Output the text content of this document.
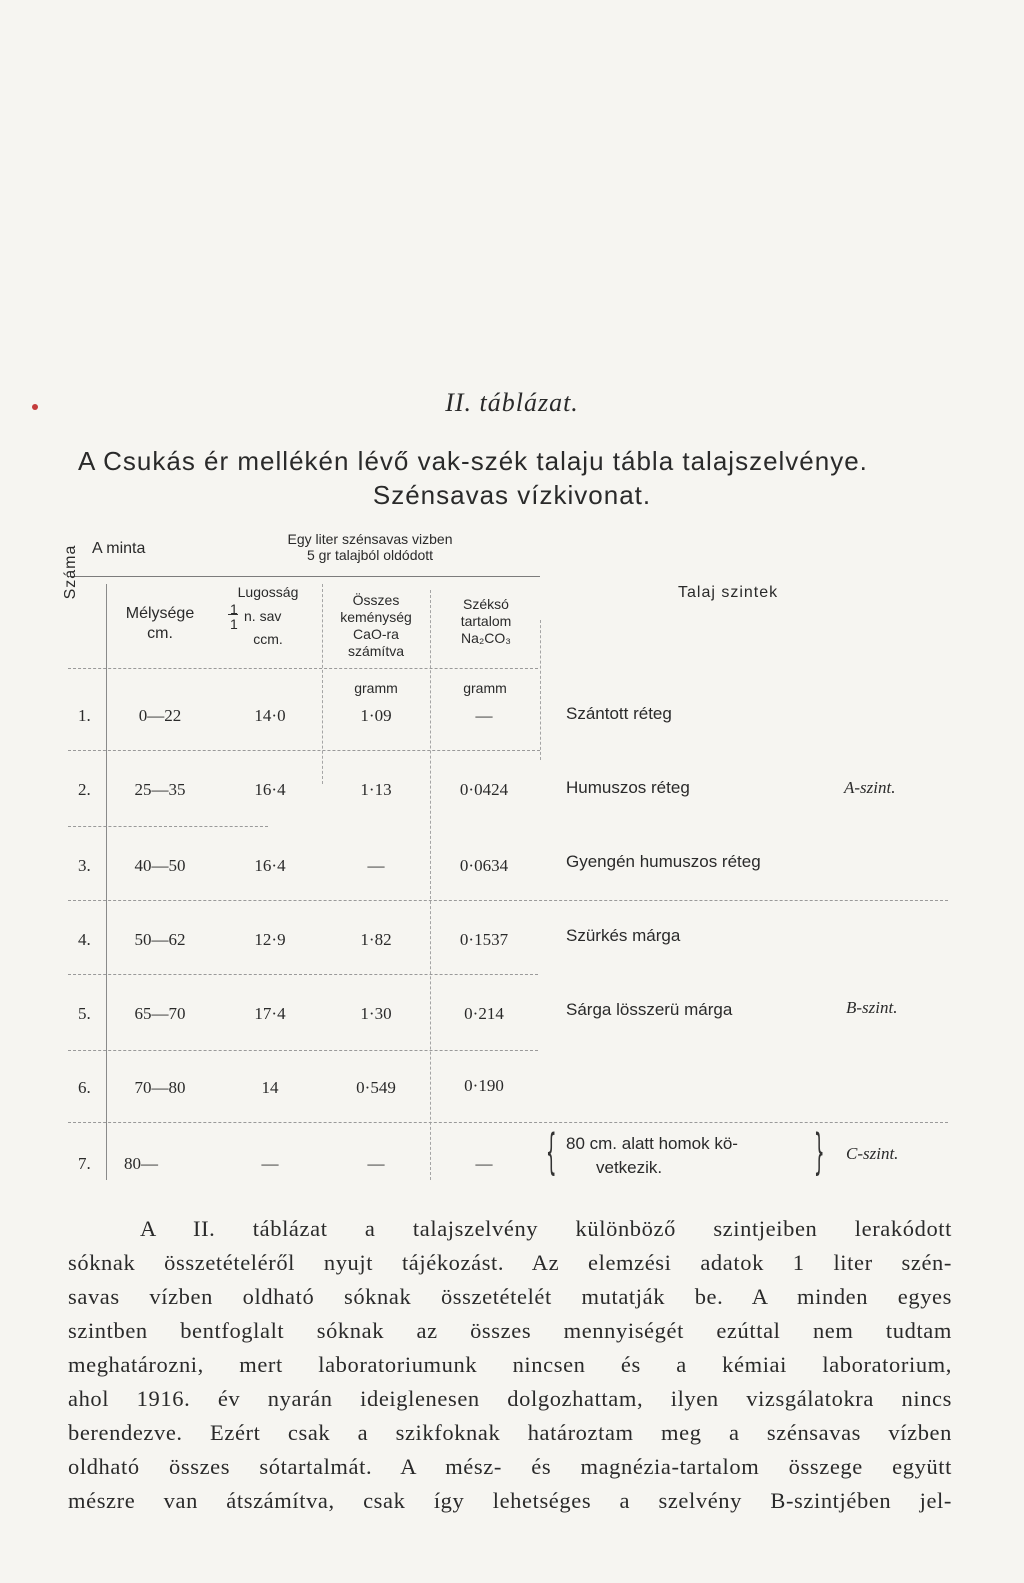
II. táblázat.
A Csukás ér mellékén lévő vak-szék talaju tábla talajszelvénye.
Szénsavas vízkivonat.
A minta
Egy liter szénsavas vizben
5 gr talajból oldódott
Száma
Mélysége
cm.
Lugosság
1
1 n. sav
ccm.
Összes
keménység
CaO-ra
számítva
Széksó
tartalom
Na₂CO₃
Talaj szintek
gramm	gramm
1.	0—22	14·0	1·09	—	Szántott réteg
2.	25—35	16·4	1·13	0·0424	Humuszos réteg	A-szint.
3.	40—50	16·4	—	0·0634	Gyengén humuszos réteg
4.	50—62	12·9	1·82	0·1537	Szürkés márga
5.	65—70	17·4	1·30	0·214	Sárga lösszerü márga	B-szint.
6.	70—80	14	0·549	0·190
7. 80—	—	—	—	{ 80 cm. alatt homok kö-
vetkezik.	} C-szint.
A II. táblázat a talajszelvény különböző szintjeiben lerakódott
sóknak összetételéről nyujt tájékozást. Az elemzési adatok 1 liter szén-
savas vízben oldható sóknak összetételét mutatják be. A minden egyes
szintben bentfoglalt sóknak az összes mennyiségét ezúttal nem tudtam
meghatározni, mert laboratoriumunk nincsen és a kémiai laboratorium,
ahol 1916. év nyarán ideiglenesen dolgozhattam, ilyen vizsgálatokra nincs
berendezve. Ezért csak a szikfoknak határoztam meg a szénsavas vízben
oldható összes sótartalmát. A mész- és magnézia-tartalom összege együtt
mészre van átszámítva, csak így lehetséges a szelvény B-szintjében jel-
